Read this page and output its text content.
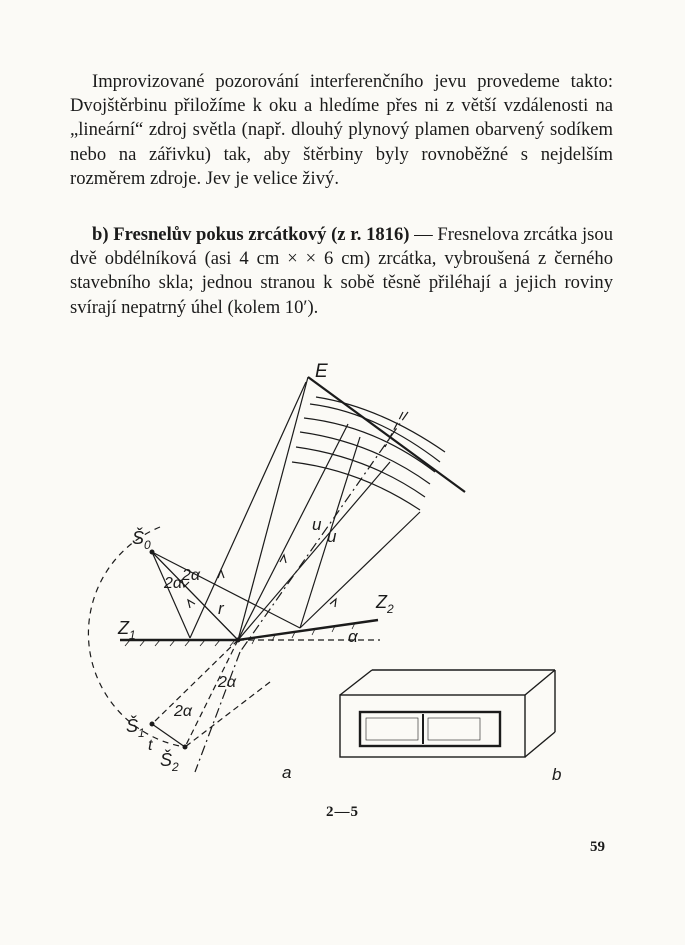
Improvizované pozorování interferenčního jevu provedeme takto: Dvojštěrbinu přiložíme k oku a hledíme přes ni z větší vzdálenosti na „lineární“ zdroj světla (např. dlouhý plynový plamen obarvený sodíkem nebo na zářivku) tak, aby štěrbiny byly rovnoběžné s nejdelším rozměrem zdroje. Jev je velice živý.

b) Fresnelův pokus zrcátkový (z r. 1816) — Fresnelova zrcátka jsou dvě obdélníková (asi 4 cm × × 6 cm) zrcátka, vybroušená z černého stavebního skla; jednou stranou k sobě těsně přiléhají a jejich roviny svírají nepatrný úhel (kolem 10′).

E
$Š_0$
2α
2α
r
u
u
$Z_1$
$Z_2$
α
2α
2α
$Š_1$
t
$Š_2$	a	b
2—5
59
